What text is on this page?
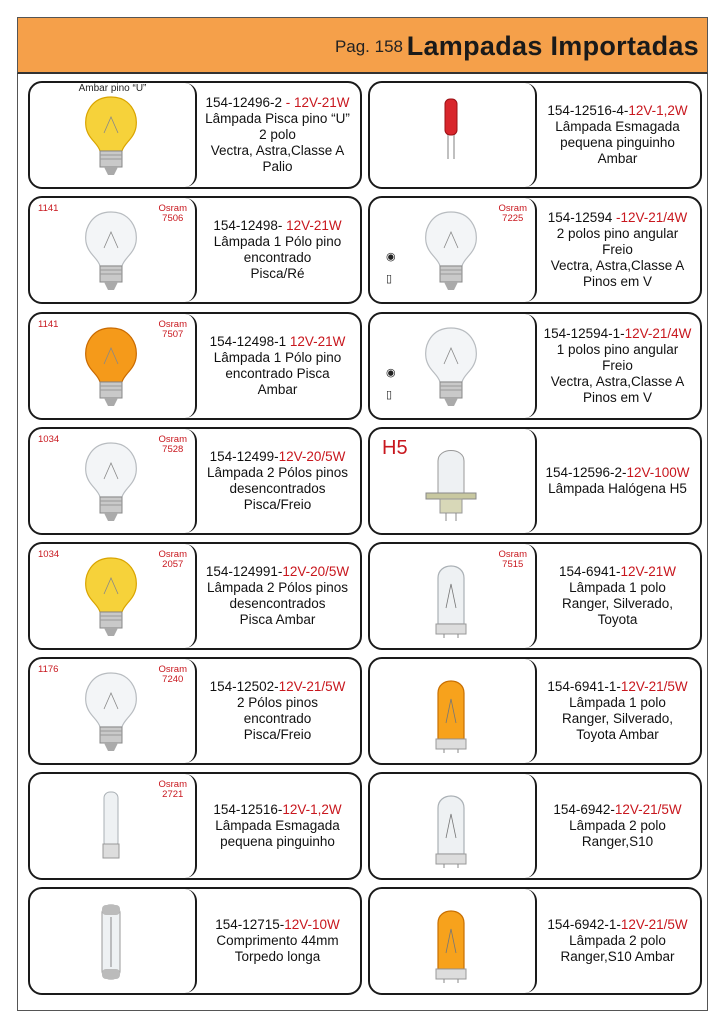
Pag. 158 Lampadas Importadas
Ambar pino “U”
154-12496-2 - 12V-21W
Lâmpada Pisca pino “U”
2 polo
Vectra, Astra,Classe A
Palio
1141	Osram
7506 154-12498- 12V-21W
Lâmpada 1 Pólo pino
encontrado
Pisca/Ré
1141	Osram
7507 154-12498-1 12V-21W
Lâmpada 1 Pólo pino
encontrado Pisca
Ambar
1034	Osram
7528 154-12499-12V-20/5W
Lâmpada 2 Pólos pinos
desencontrados
Pisca/Freio
1034	Osram
2057 154-124991-12V-20/5W
Lâmpada 2 Pólos pinos
desencontrados
Pisca Ambar
1176	Osram
7240 154-12502-12V-21/5W
2 Pólos pinos
encontrado
Pisca/Freio
Osram
2721
154-12516-12V-1,2W
Lâmpada Esmagada
pequena pinguinho
154-12715-12V-10W
Comprimento 44mm
Torpedo longa
154-12516-4-12V-1,2W
Lâmpada Esmagada
pequena pinguinho
Ambar
Osram
7225
◉
▯
154-12594 -12V-21/4W
2 polos pino angular
Freio
Vectra, Astra,Classe A
Pinos em V
◉
▯
154-12594-1-12V-21/4W
1 polos pino angular
Freio
Vectra, Astra,Classe A
Pinos em V
H5
154-12596-2-12V-100W
Lâmpada Halógena H5
Osram
7515	154-6941-12V-21W
Lâmpada 1 polo
Ranger, Silverado,
Toyota
154-6941-1-12V-21/5W
Lâmpada 1 polo
Ranger, Silverado,
Toyota Ambar
154-6942-12V-21/5W
Lâmpada 2 polo
Ranger,S10
154-6942-1-12V-21/5W
Lâmpada 2 polo
Ranger,S10 Ambar
